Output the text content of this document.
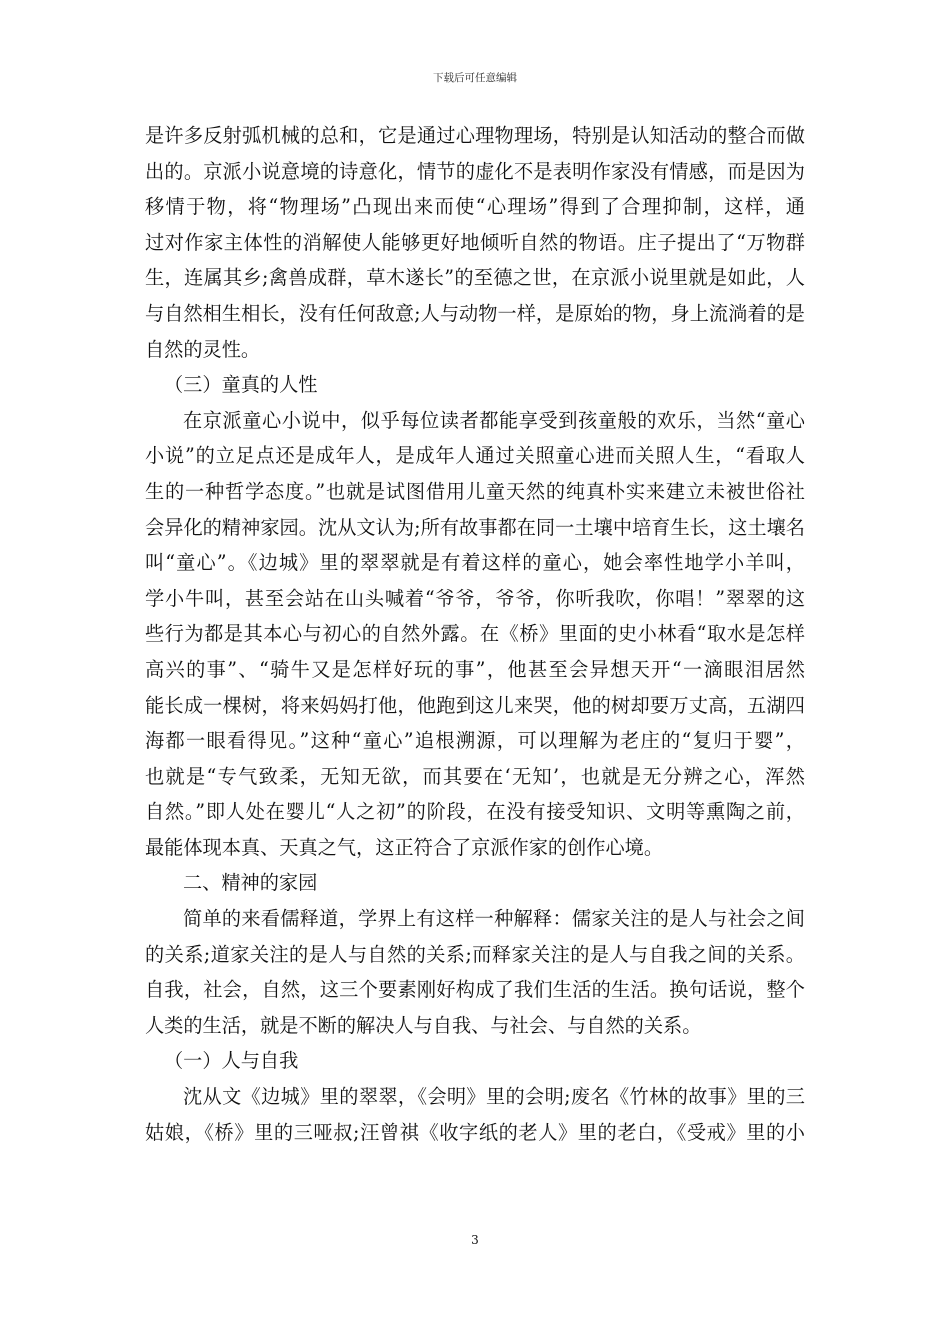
下载后可任意编辑
是许多反射弧机械的总和，它是通过心理物理场，特别是认知活动的整合而做
出的。京派小说意境的诗意化，情节的虚化不是表明作家没有情感，而是因为
移情于物，将“物理场”凸现出来而使“心理场”得到了合理抑制，这样，通
过对作家主体性的消解使人能够更好地倾听自然的物语。庄子提出了“万物群
生，连属其乡;禽兽成群，草木遂长”的至德之世，在京派小说里就是如此，人
与自然相生相长，没有任何敌意;人与动物一样，是原始的物，身上流淌着的是
自然的灵性。
（三）童真的人性
在京派童心小说中，似乎每位读者都能享受到孩童般的欢乐，当然“童心
小说”的立足点还是成年人，是成年人通过关照童心进而关照人生，“看取人
生的一种哲学态度。”也就是试图借用儿童天然的纯真朴实来建立未被世俗社
会异化的精神家园。沈从文认为;所有故事都在同一土壤中培育生长，这土壤名
叫“童心”。《边城》里的翠翠就是有着这样的童心，她会率性地学小羊叫，
学小牛叫，甚至会站在山头喊着“爷爷，爷爷，你听我吹，你唱！”翠翠的这
些行为都是其本心与初心的自然外露。在《桥》里面的史小林看“取水是怎样
高兴的事”、“骑牛又是怎样好玩的事”，他甚至会异想天开“一滴眼泪居然
能长成一棵树，将来妈妈打他，他跑到这儿来哭，他的树却要万丈高，五湖四
海都一眼看得见。”这种“童心”追根溯源，可以理解为老庄的“复归于婴”，
也就是“专气致柔，无知无欲，而其要在‘无知’，也就是无分辨之心，浑然
自然。”即人处在婴儿“人之初”的阶段，在没有接受知识、文明等熏陶之前，
最能体现本真、天真之气，这正符合了京派作家的创作心境。
二、精神的家园
简单的来看儒释道，学界上有这样一种解释：儒家关注的是人与社会之间
的关系;道家关注的是人与自然的关系;而释家关注的是人与自我之间的关系。
自我，社会，自然，这三个要素刚好构成了我们生活的生活。换句话说，整个
人类的生活，就是不断的解决人与自我、与社会、与自然的关系。
（一）人与自我
沈从文《边城》里的翠翠，《会明》里的会明;废名《竹林的故事》里的三
姑娘，《桥》里的三哑叔;汪曾祺《收字纸的老人》里的老白，《受戒》里的小
3
